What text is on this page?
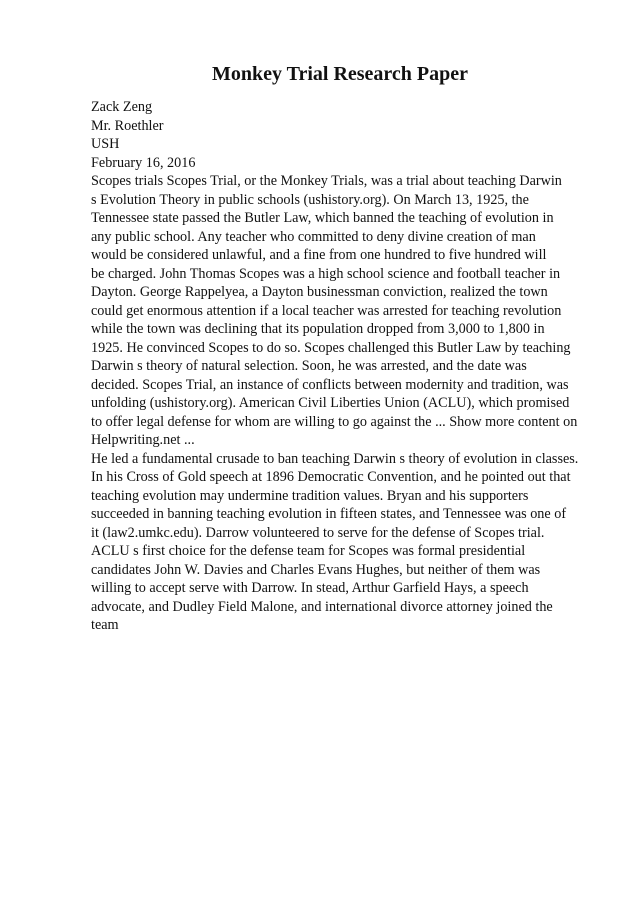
Monkey Trial Research Paper
Zack Zeng
Mr. Roethler
USH
February 16, 2016
Scopes trials Scopes Trial, or the Monkey Trials, was a trial about teaching Darwin
s Evolution Theory in public schools (ushistory.org). On March 13, 1925, the
Tennessee state passed the Butler Law, which banned the teaching of evolution in
any public school. Any teacher who committed to deny divine creation of man
would be considered unlawful, and a fine from one hundred to five hundred will
be charged. John Thomas Scopes was a high school science and football teacher in
Dayton. George Rappelyea, a Dayton businessman conviction, realized the town
could get enormous attention if a local teacher was arrested for teaching revolution
while the town was declining that its population dropped from 3,000 to 1,800 in
1925. He convinced Scopes to do so. Scopes challenged this Butler Law by teaching
Darwin s theory of natural selection. Soon, he was arrested, and the date was
decided. Scopes Trial, an instance of conflicts between modernity and tradition, was
unfolding (ushistory.org). American Civil Liberties Union (ACLU), which promised
to offer legal defense for whom are willing to go against the ... Show more content on
Helpwriting.net ...
He led a fundamental crusade to ban teaching Darwin s theory of evolution in classes.
In his Cross of Gold speech at 1896 Democratic Convention, and he pointed out that
teaching evolution may undermine tradition values. Bryan and his supporters
succeeded in banning teaching evolution in fifteen states, and Tennessee was one of
it (law2.umkc.edu). Darrow volunteered to serve for the defense of Scopes trial.
ACLU s first choice for the defense team for Scopes was formal presidential
candidates John W. Davies and Charles Evans Hughes, but neither of them was
willing to accept serve with Darrow. In stead, Arthur Garfield Hays, a speech
advocate, and Dudley Field Malone, and international divorce attorney joined the
team
